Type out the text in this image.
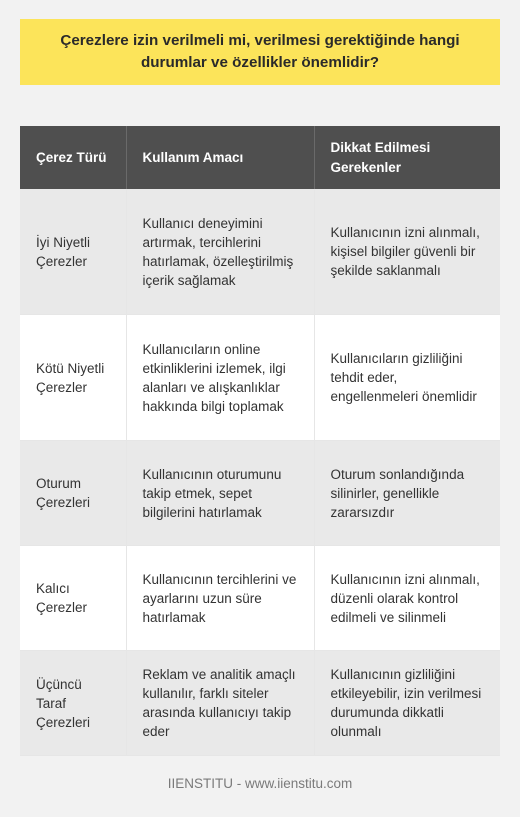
Çerezlere izin verilmeli mi, verilmesi gerektiğinde hangi durumlar ve özellikler önemlidir?
Çerez Türü	Kullanım Amacı	Dikkat Edilmesi Gerekenler
İyi Niyetli Çerezler	Kullanıcı deneyimini artırmak, tercihlerini hatırlamak, özelleştirilmiş içerik sağlamak	Kullanıcının izni alınmalı, kişisel bilgiler güvenli bir şekilde saklanmalı
Kötü Niyetli Çerezler	Kullanıcıların online etkinliklerini izlemek, ilgi alanları ve alışkanlıklar hakkında bilgi toplamak	Kullanıcıların gizliliğini tehdit eder, engellenmeleri önemlidir
Oturum Çerezleri	Kullanıcının oturumunu takip etmek, sepet bilgilerini hatırlamak	Oturum sonlandığında silinirler, genellikle zararsızdır
Kalıcı Çerezler	Kullanıcının tercihlerini ve ayarlarını uzun süre hatırlamak	Kullanıcının izni alınmalı, düzenli olarak kontrol edilmeli ve silinmeli
Üçüncü Taraf Çerezleri	Reklam ve analitik amaçlı kullanılır, farklı siteler arasında kullanıcıyı takip eder	Kullanıcının gizliliğini etkileyebilir, izin verilmesi durumunda dikkatli olunmalı
IIENSTITU - www.iienstitu.com
